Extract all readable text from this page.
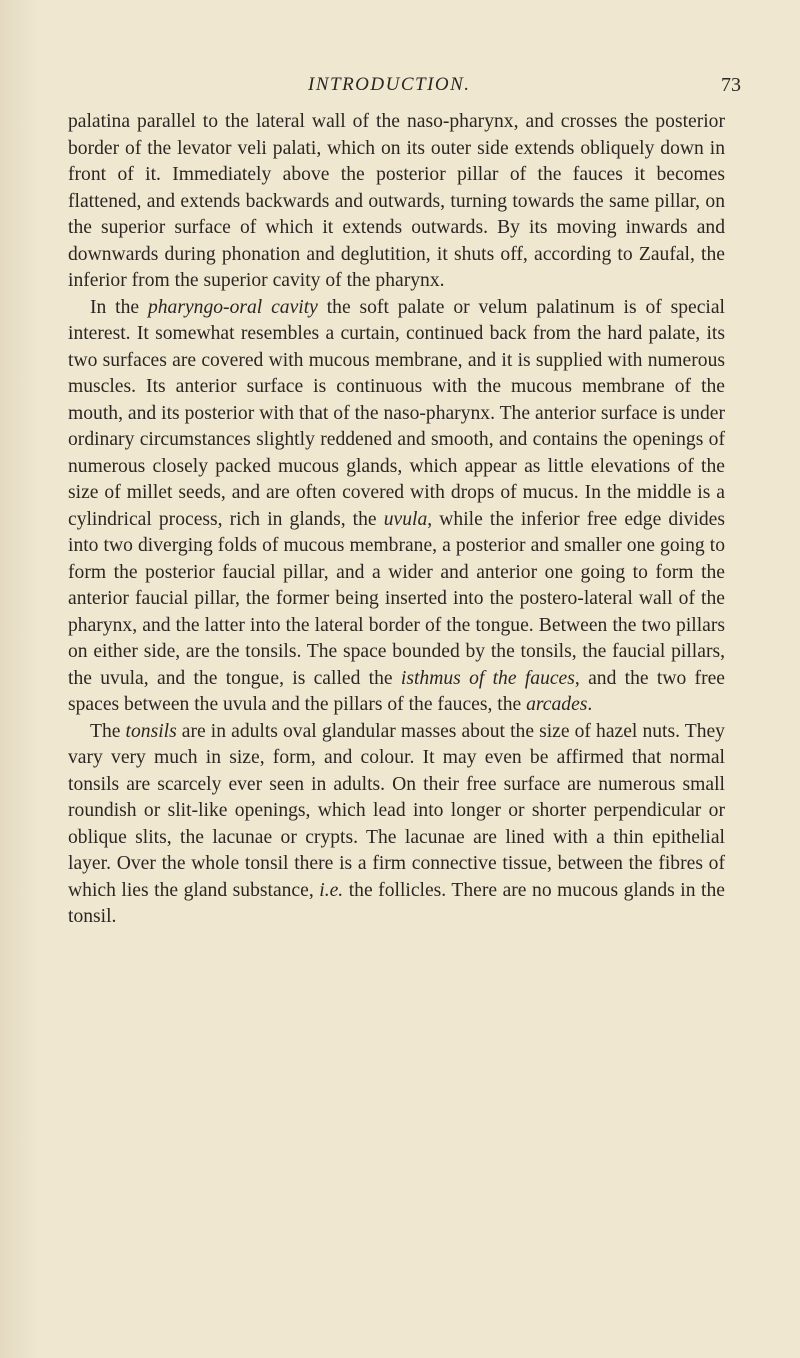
INTRODUCTION.	73

palatina parallel to the lateral wall of the naso-pharynx, and crosses the posterior border of the levator veli palati, which on its outer side extends obliquely down in front of it. Immediately above the posterior pillar of the fauces it becomes flattened, and extends backwards and outwards, turning towards the same pillar, on the superior surface of which it extends outwards. By its moving inwards and downwards during phonation and deglutition, it shuts off, according to Zaufal, the inferior from the superior cavity of the pharynx.

In the pharyngo-oral cavity the soft palate or velum palatinum is of special interest. It somewhat resembles a curtain, continued back from the hard palate, its two surfaces are covered with mucous membrane, and it is supplied with numerous muscles. Its anterior surface is continuous with the mucous membrane of the mouth, and its posterior with that of the naso-pharynx. The anterior surface is under ordinary circumstances slightly reddened and smooth, and contains the openings of numerous closely packed mucous glands, which appear as little elevations of the size of millet seeds, and are often covered with drops of mucus. In the middle is a cylindrical process, rich in glands, the uvula, while the inferior free edge divides into two diverging folds of mucous membrane, a posterior and smaller one going to form the posterior faucial pillar, and a wider and anterior one going to form the anterior faucial pillar, the former being inserted into the postero-lateral wall of the pharynx, and the latter into the lateral border of the tongue. Between the two pillars on either side, are the tonsils. The space bounded by the tonsils, the faucial pillars, the uvula, and the tongue, is called the isthmus of the fauces, and the two free spaces between the uvula and the pillars of the fauces, the arcades.

The tonsils are in adults oval glandular masses about the size of hazel nuts. They vary very much in size, form, and colour. It may even be affirmed that normal tonsils are scarcely ever seen in adults. On their free surface are numerous small roundish or slit-like openings, which lead into longer or shorter perpendicular or oblique slits, the lacunae or crypts. The lacunae are lined with a thin epithelial layer. Over the whole tonsil there is a firm connective tissue, between the fibres of which lies the gland substance, i.e. the follicles. There are no mucous glands in the tonsil.
